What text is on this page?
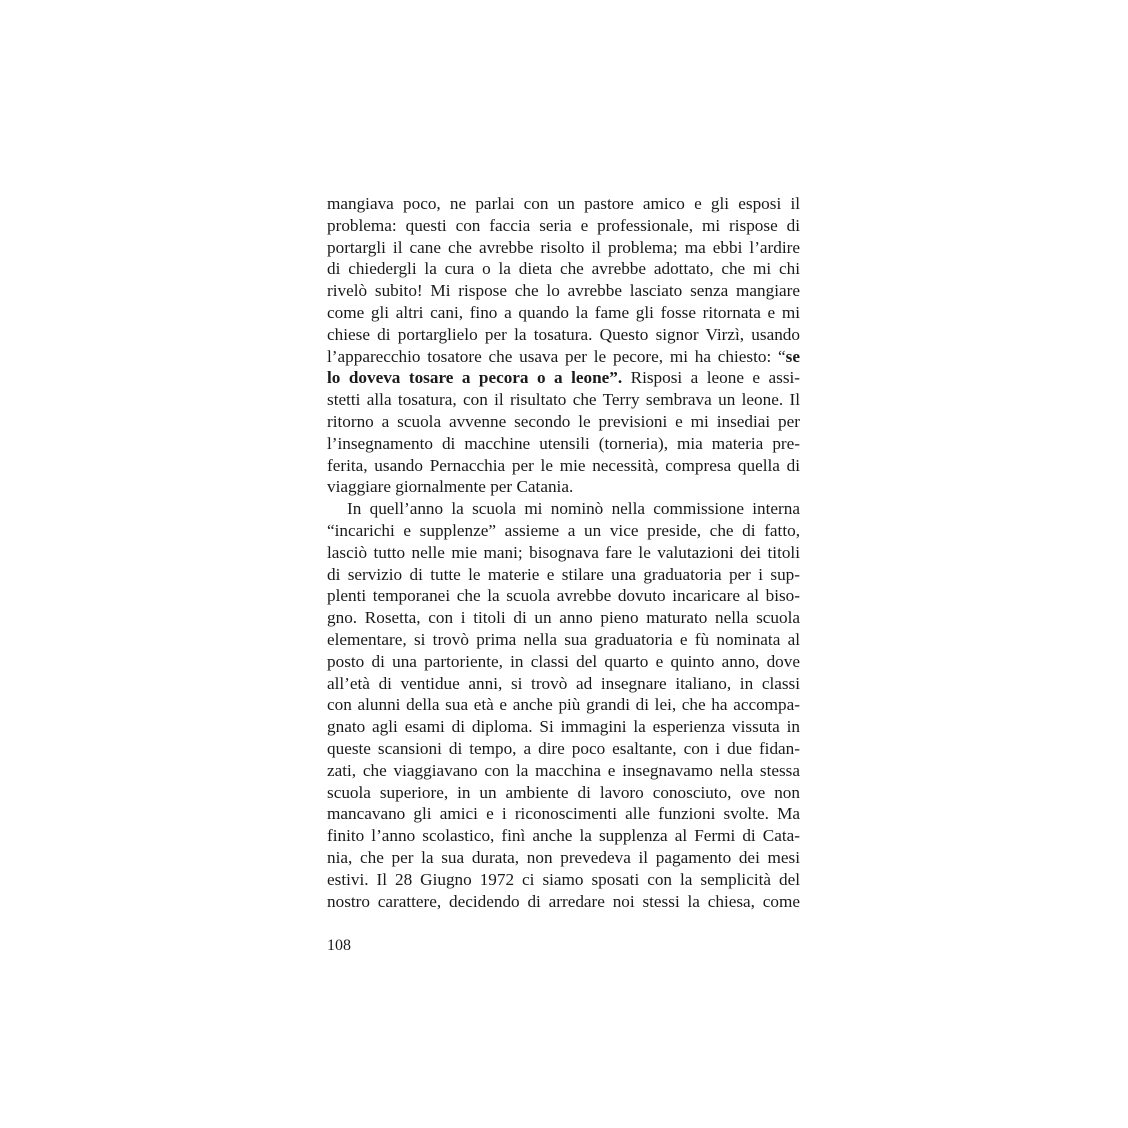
mangiava poco, ne parlai con un pastore amico e gli esposi il
problema: questi con faccia seria e professionale, mi rispose di
portargli il cane che avrebbe risolto il problema; ma ebbi l’ardire
di chiedergli la cura o la dieta che avrebbe adottato, che mi chi
rivelò subito! Mi rispose che lo avrebbe lasciato senza mangiare
come gli altri cani, fino a quando la fame gli fosse ritornata e mi
chiese di portarglielo per la tosatura. Questo signor Virzì, usando
l’apparecchio tosatore che usava per le pecore, mi ha chiesto: “se
lo doveva tosare a pecora o a leone”. Risposi a leone e assi-
stetti alla tosatura, con il risultato che Terry sembrava un leone. Il
ritorno a scuola avvenne secondo le previsioni e mi insediai per
l’insegnamento di macchine utensili (torneria), mia materia pre-
ferita, usando Pernacchia per le mie necessità, compresa quella di
viaggiare giornalmente per Catania.
In quell’anno la scuola mi nominò nella commissione interna
“incarichi e supplenze” assieme a un vice preside, che di fatto,
lasciò tutto nelle mie mani; bisognava fare le valutazioni dei titoli
di servizio di tutte le materie e stilare una graduatoria per i sup-
plenti temporanei che la scuola avrebbe dovuto incaricare al biso-
gno. Rosetta, con i titoli di un anno pieno maturato nella scuola
elementare, si trovò prima nella sua graduatoria e fù nominata al
posto di una partoriente, in classi del quarto e quinto anno, dove
all’età di ventidue anni, si trovò ad insegnare italiano, in classi
con alunni della sua età e anche più grandi di lei, che ha accompa-
gnato agli esami di diploma. Si immagini la esperienza vissuta in
queste scansioni di tempo, a dire poco esaltante, con i due fidan-
zati, che viaggiavano con la macchina e insegnavamo nella stessa
scuola superiore, in un ambiente di lavoro conosciuto, ove non
mancavano gli amici e i riconoscimenti alle funzioni svolte. Ma
finito l’anno scolastico, finì anche la supplenza al Fermi di Cata-
nia, che per la sua durata, non prevedeva il pagamento dei mesi
estivi. Il 28 Giugno 1972 ci siamo sposati con la semplicità del
nostro carattere, decidendo di arredare noi stessi la chiesa, come
108
